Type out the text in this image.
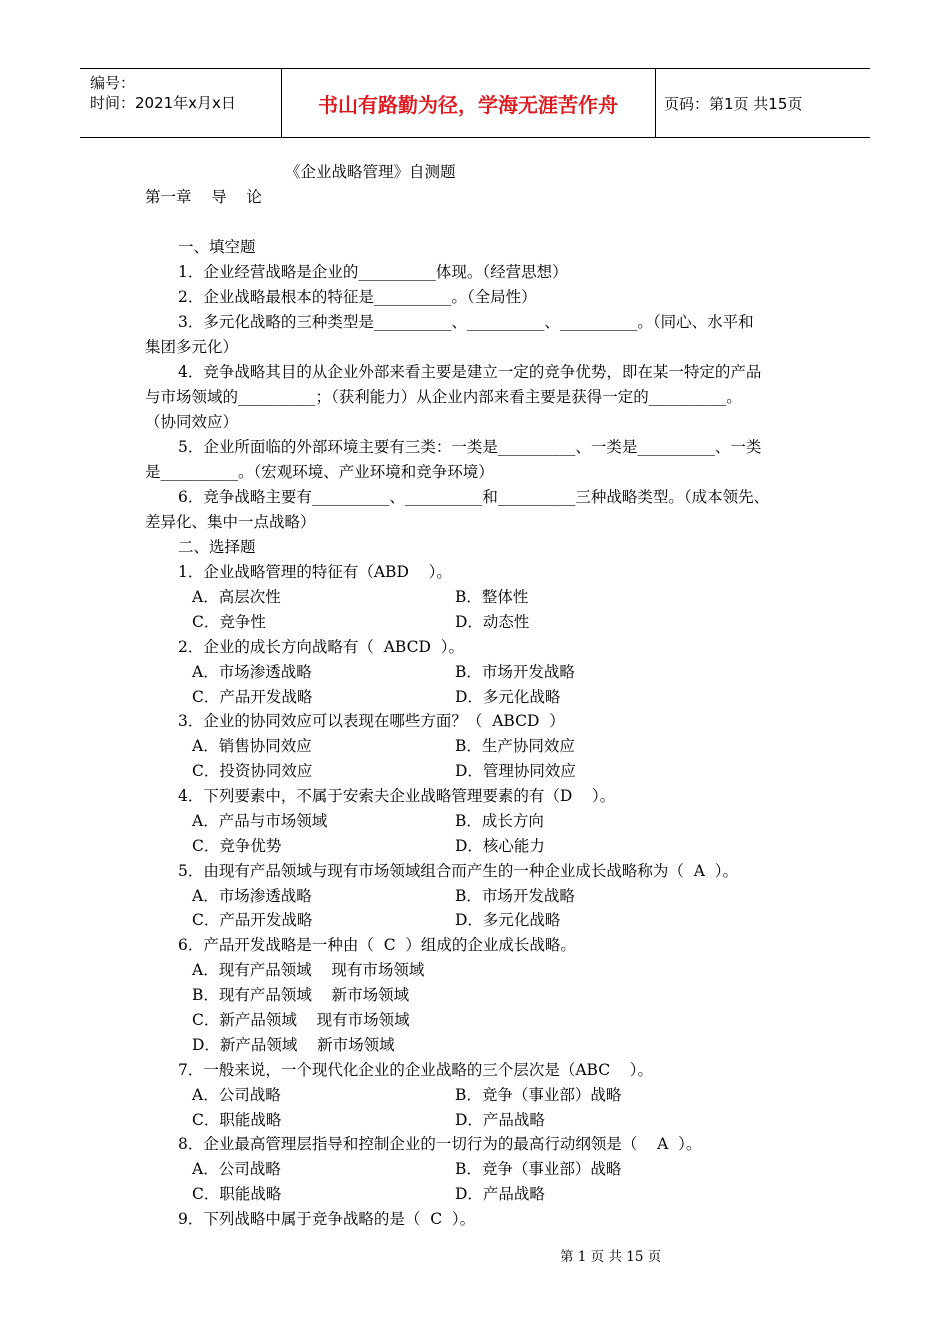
编号：
时间：2021年x月x日	书山有路勤为径，学海无涯苦作舟	页码：第1页 共15页
《企业战略管理》自测题
第一章    导    论
一、填空题
1．企业经营战略是企业的__________体现。（经营思想）
2．企业战略最根本的特征是__________。（全局性）
3．多元化战略的三种类型是__________、__________、__________。（同心、水平和
集团多元化）
4．竞争战略其目的从企业外部来看主要是建立一定的竞争优势，即在某一特定的产品
与市场领域的__________；（获利能力）从企业内部来看主要是获得一定的__________。
（协同效应）
5．企业所面临的外部环境主要有三类：一类是__________、一类是__________、一类
是__________。（宏观环境、产业环境和竞争环境）
6．竞争战略主要有__________、__________和__________三种战略类型。（成本领先、
差异化、集中一点战略）
二、选择题
1．企业战略管理的特征有（ABD    ）。
A．高层次性	B．整体性
C．竞争性	D．动态性
2．企业的成长方向战略有（  ABCD  ）。
A．市场渗透战略	B．市场开发战略
C．产品开发战略	D．多元化战略
3．企业的协同效应可以表现在哪些方面？（  ABCD  ）
A．销售协同效应	B．生产协同效应
C．投资协同效应	D．管理协同效应
4．下列要素中，不属于安索夫企业战略管理要素的有（D    ）。
A．产品与市场领域	B．成长方向
C．竞争优势	D．核心能力
5．由现有产品领域与现有市场领域组合而产生的一种企业成长战略称为（  A  ）。
A．市场渗透战略	B．市场开发战略
C．产品开发战略	D．多元化战略
6．产品开发战略是一种由（  C  ）组成的企业成长战略。
A．现有产品领域    现有市场领域
B．现有产品领域    新市场领域
C．新产品领域    现有市场领域
D．新产品领域    新市场领域
7．一般来说，一个现代化企业的企业战略的三个层次是（ABC    ）。
A．公司战略	B．竞争（事业部）战略
C．职能战略	D．产品战略
8．企业最高管理层指导和控制企业的一切行为的最高行动纲领是（    A  ）。
A．公司战略	B．竞争（事业部）战略
C．职能战略	D．产品战略
9．下列战略中属于竞争战略的是（  C  ）。
第 1 页 共 15 页
